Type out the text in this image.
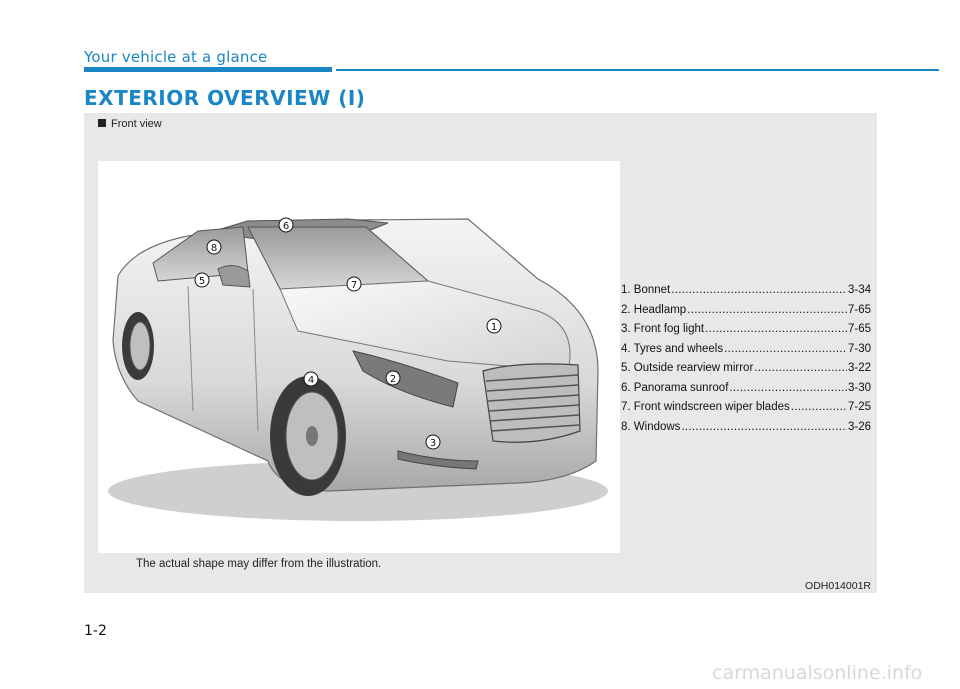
Your vehicle at a glance
EXTERIOR OVERVIEW (I)
Front view
1
2
3
4
5
6
7
8
The actual shape may differ from the illustration.
ODH014001R
1. Bonnet .....	3-34
2. Headlamp .....	7-65
3. Front fog light .....	7-65
4. Tyres and wheels .....	7-30
5. Outside rearview mirror .....	3-22
6. Panorama sunroof .....	3-30
7. Front windscreen wiper blades .....	7-25
8. Windows .....	3-26
1-2
carmanualsonline.info
